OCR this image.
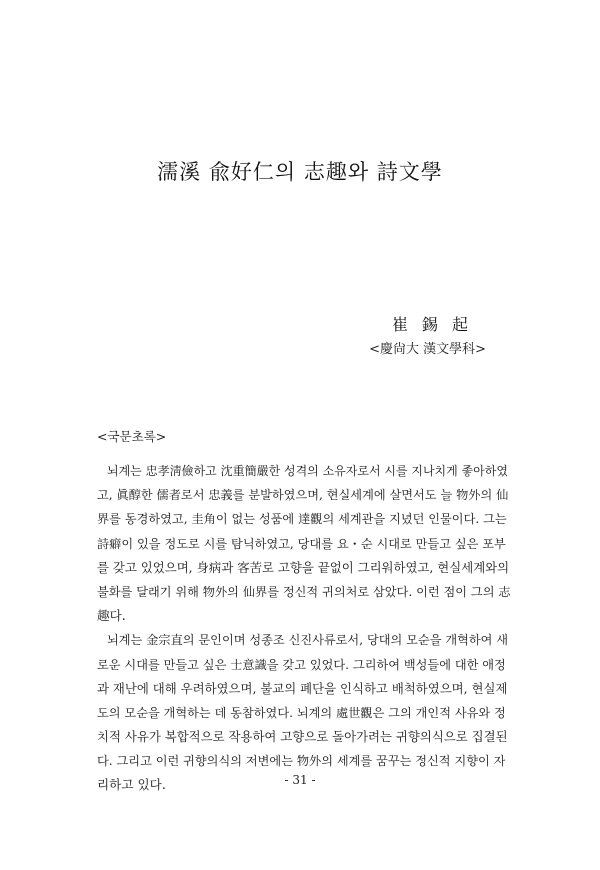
濡溪 兪好仁의 志趣와 詩文學
崔錫起
<慶尙大 漢文學科>
<국문초록>
뇌계는 忠孝淸儉하고 沈重簡嚴한 성격의 소유자로서 시를 지나치게 좋아하였
고, 眞醇한 儒者로서 忠義를 분발하였으며, 현실세계에 살면서도 늘 物外의 仙
界를 동경하였고, 圭角이 없는 성품에 達觀의 세계관을 지녔던 인물이다. 그는
詩癖이 있을 정도로 시를 탐닉하였고, 당대를 요・순 시대로 만들고 싶은 포부
를 갖고 있었으며, 身病과 客苦로 고향을 끝없이 그리워하였고, 현실세계와의
불화를 달래기 위해 物外의 仙界를 정신적 귀의처로 삼았다. 이런 점이 그의 志
趣다.
뇌계는 金宗直의 문인이며 성종조 신진사류로서, 당대의 모순을 개혁하여 새
로운 시대를 만들고 싶은 士意識을 갖고 있었다. 그리하여 백성들에 대한 애정
과 재난에 대해 우려하였으며, 불교의 폐단을 인식하고 배척하였으며, 현실제
도의 모순을 개혁하는 데 동참하였다. 뇌계의 處世觀은 그의 개인적 사유와 정
치적 사유가 복합적으로 작용하여 고향으로 돌아가려는 귀향의식으로 집결된
다. 그리고 이런 귀향의식의 저변에는 物外의 세계를 꿈꾸는 정신적 지향이 자
리하고 있다.	- 31 -
